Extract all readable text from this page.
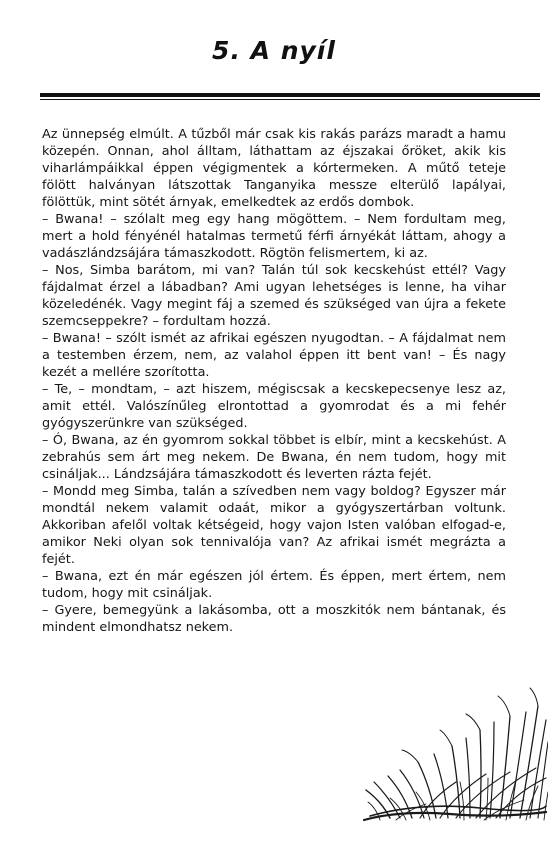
5. A nyíl

Az ünnepség elmúlt. A tűzből már csak kis rakás parázs maradt a hamu közepén. Onnan, ahol álltam, láthattam az éjszakai őröket, akik kis viharlámpáikkal éppen végigmentek a kórtermeken. A műtő teteje fölött halványan látszottak Tanganyika messze elterülő lapályai, fölöttük, mint sötét árnyak, emelkedtek az erdős dombok.

– Bwana! – szólalt meg egy hang mögöttem. – Nem fordultam meg, mert a hold fényénél hatalmas termetű férfi árnyékát láttam, ahogy a vadászlándzsájára támaszkodott. Rögtön felismertem, ki az.

– Nos, Simba barátom, mi van? Talán túl sok kecskehúst ettél? Vagy fájdalmat érzel a lábadban? Ami ugyan lehetséges is lenne, ha vihar közeledénék. Vagy megint fáj a szemed és szükséged van újra a fekete szemcseppekre? – fordultam hozzá.

– Bwana! – szólt ismét az afrikai egészen nyugodtan. – A fájdalmat nem a testemben érzem, nem, az valahol éppen itt bent van! – És nagy kezét a mellére szorította.

– Te, – mondtam, – azt hiszem, mégiscsak a kecskepecsenye lesz az, amit ettél. Valószínűleg elrontottad a gyomrodat és a mi fehér gyógyszerünkre van szükséged.

– Ó, Bwana, az én gyomrom sokkal többet is elbír, mint a kecskehúst. A zebrahús sem árt meg nekem. De Bwana, én nem tudom, hogy mit csináljak... Lándzsájára támaszkodott és leverten rázta fejét.

– Mondd meg Simba, talán a szívedben nem vagy boldog? Egyszer már mondtál nekem valamit odaát, mikor a gyógyszertárban voltunk. Akkoriban afelől voltak kétségeid, hogy vajon Isten valóban elfogad-e, amikor Neki olyan sok tennivalója van? Az afrikai ismét megrázta a fejét.

– Bwana, ezt én már egészen jól értem. És éppen, mert értem, nem tudom, hogy mit csináljak.

– Gyere, bemegyünk a lakásomba, ott a moszkitók nem bántanak, és mindent elmondhatsz nekem.
